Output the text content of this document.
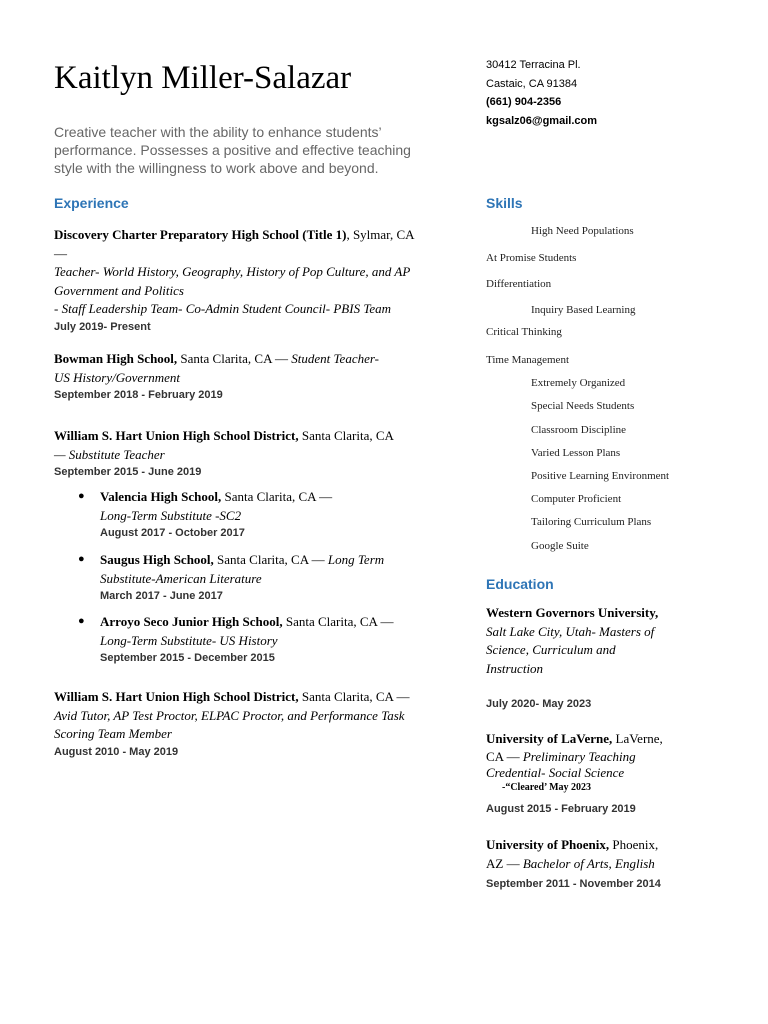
Kaitlyn Miller-Salazar
Creative teacher with the ability to enhance students’ performance. Possesses a positive and effective teaching style with the willingness to work above and beyond.
30412 Terracina Pl.
Castaic, CA 91384
(661) 904-2356
kgsalz06@gmail.com
Experience
Discovery Charter Preparatory High School (Title 1), Sylmar, CA
—
Teacher- World History, Geography, History of Pop Culture, and AP
Government and Politics
- Staff Leadership Team- Co-Admin Student Council- PBIS Team
July 2019- Present
Bowman High School, Santa Clarita, CA — Student Teacher-
US History/Government
September 2018 - February 2019
William S. Hart Union High School District, Santa Clarita, CA
— Substitute Teacher
September 2015 - June 2019
● Valencia High School, Santa Clarita, CA —
Long-Term Substitute -SC2
August 2017 - October 2017
● Saugus High School, Santa Clarita, CA — Long Term
Substitute-American Literature
March 2017 - June 2017
● Arroyo Seco Junior High School, Santa Clarita, CA —
Long-Term Substitute- US History
September 2015 - December 2015
William S. Hart Union High School District, Santa Clarita, CA —
Avid Tutor, AP Test Proctor, ELPAC Proctor, and Performance Task
Scoring Team Member
August 2010 - May 2019
Skills
High Need Populations
At Promise Students
Differentiation
Inquiry Based Learning
Critical Thinking
Time Management
Extremely Organized
Special Needs Students
Classroom Discipline
Varied Lesson Plans
Positive Learning Environment
Computer Proficient
Tailoring Curriculum Plans
Google Suite
Education
Western Governors University,
Salt Lake City, Utah- Masters of
Science, Curriculum and
Instruction
July 2020- May 2023
University of LaVerne, LaVerne,
CA — Preliminary Teaching
Credential- Social Science
-“Cleared’ May 2023
August 2015 - February 2019
University of Phoenix, Phoenix,
AZ — Bachelor of Arts, English
September 2011 - November 2014
